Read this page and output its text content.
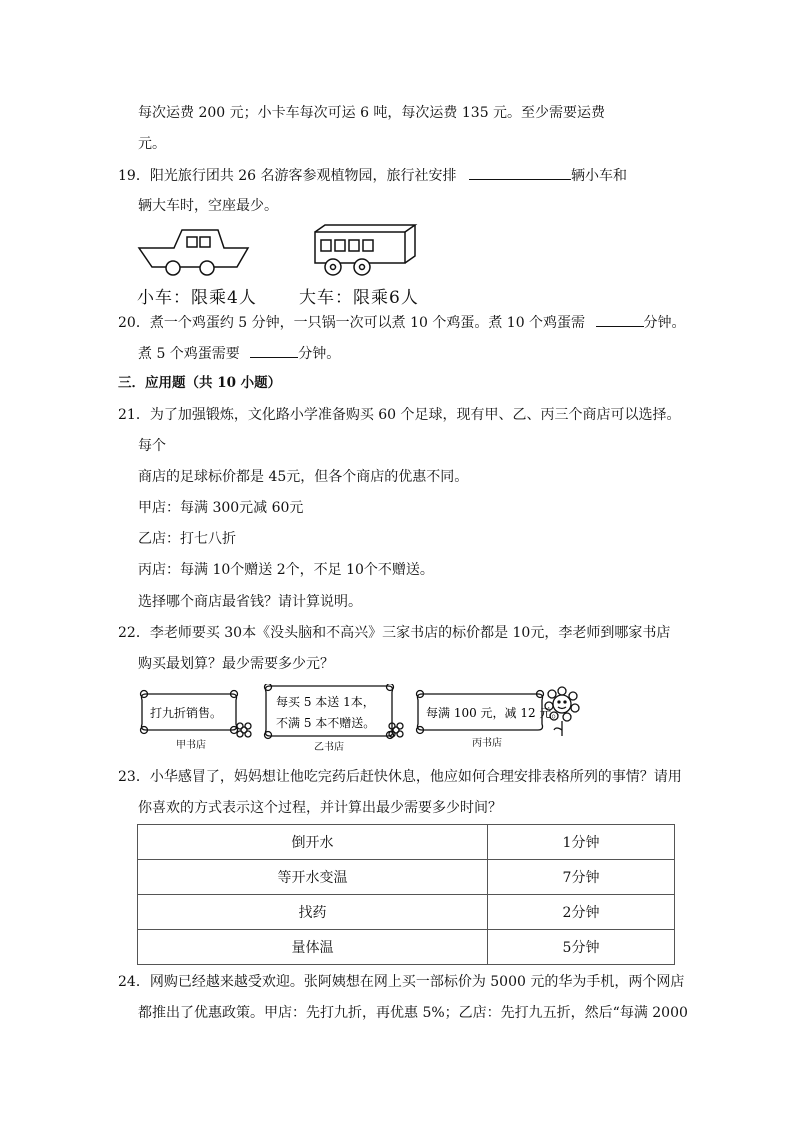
每次运费 200 元；小卡车每次可运 6 吨，每次运费 135 元。至少需要运费
元。
19．阳光旅行团共 26 名游客参观植物园，旅行社安排	辆小车和
辆大车时，空座最少。
小车：限乘4人 大车：限乘6人
20．煮一个鸡蛋约 5 分钟，一只锅一次可以煮 10 个鸡蛋。煮 10 个鸡蛋需	分钟。
煮 5 个鸡蛋需要	分钟。
三．应用题（共 10 小题）
21．为了加强锻炼，文化路小学准备购买 60 个足球，现有甲、乙、丙三个商店可以选择。
每个
商店的足球标价都是 45元，但各个商店的优惠不同。
甲店：每满 300元减 60元
乙店：打七八折
丙店：每满 10个赠送 2个，不足 10个不赠送。
选择哪个商店最省钱？请计算说明。
22．李老师要买 30本《没头脑和不高兴》三家书店的标价都是 10元，李老师到哪家书店
购买最划算？最少需要多少元？
打九折销售。
甲书店
每买 5 本送 1本，
不满 5 本不赠送。
乙书店
每满 100 元，减 12 元。
丙书店
23．小华感冒了，妈妈想让他吃完药后赶快休息，他应如何合理安排表格所列的事情？请用
你喜欢的方式表示这个过程，并计算出最少需要多少时间？
倒开水	1分钟
等开水变温	7分钟
找药	2分钟
量体温	5分钟
24．网购已经越来越受欢迎。张阿姨想在网上买一部标价为 5000 元的华为手机，两个网店
都推出了优惠政策。甲店：先打九折，再优惠 5%；乙店：先打九五折，然后“每满 2000
